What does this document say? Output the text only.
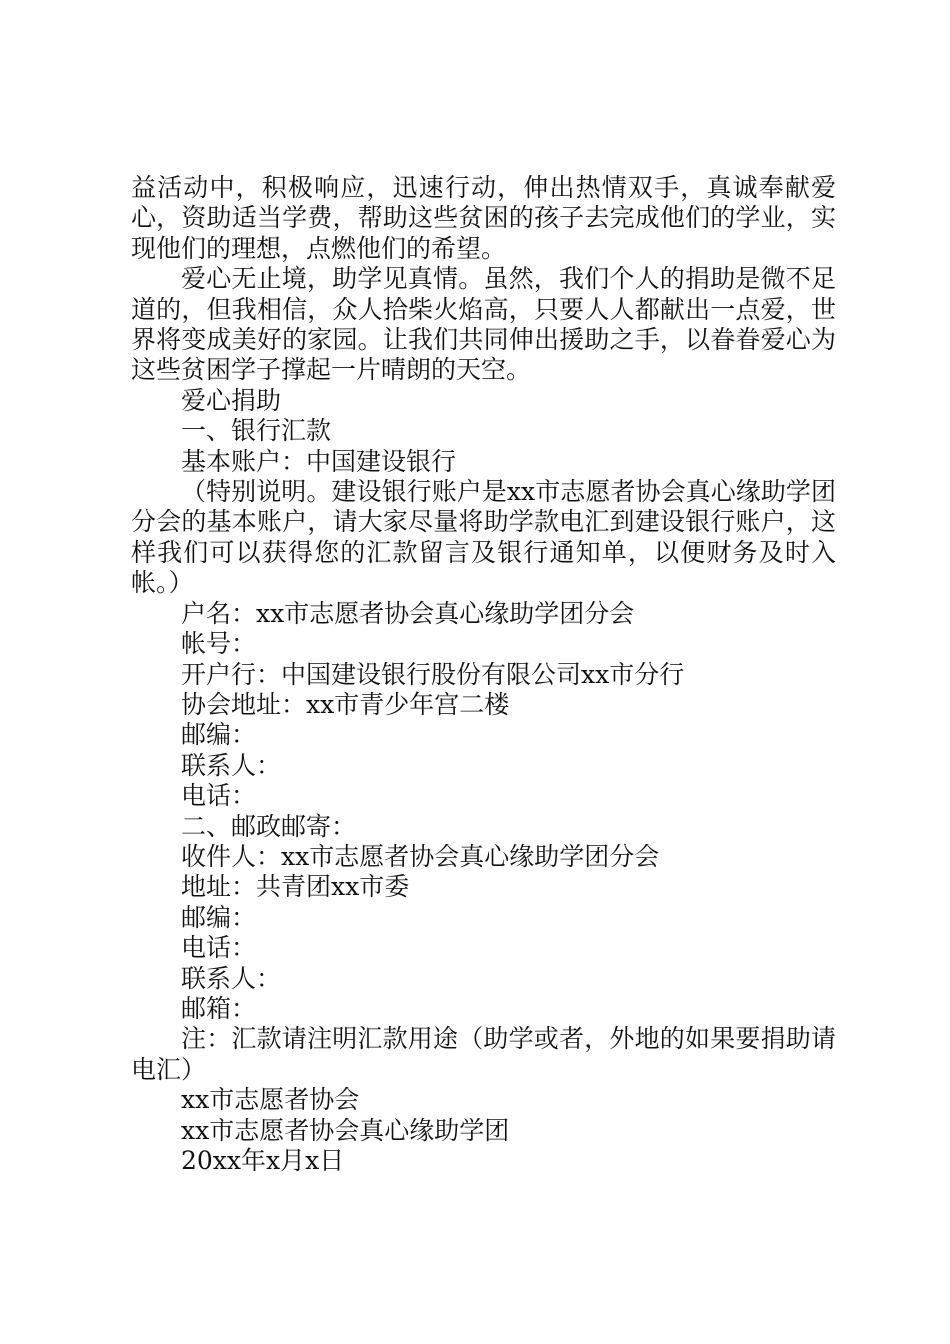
益活动中，积极响应，迅速行动，伸出热情双手，真诚奉献爱心，资助适当学费，帮助这些贫困的孩子去完成他们的学业，实现他们的理想，点燃他们的希望。

爱心无止境，助学见真情。虽然，我们个人的捐助是微不足道的，但我相信，众人拾柴火焰高，只要人人都献出一点爱，世界将变成美好的家园。让我们共同伸出援助之手，以眷眷爱心为这些贫困学子撑起一片晴朗的天空。

爱心捐助

一、银行汇款

基本账户：中国建设银行

（特别说明。建设银行账户是xx市志愿者协会真心缘助学团分会的基本账户，请大家尽量将助学款电汇到建设银行账户，这样我们可以获得您的汇款留言及银行通知单，以便财务及时入帐。）

户名：xx市志愿者协会真心缘助学团分会

帐号：

开户行：中国建设银行股份有限公司xx市分行

协会地址：xx市青少年宫二楼

邮编：

联系人：

电话：

二、邮政邮寄：

收件人：xx市志愿者协会真心缘助学团分会

地址：共青团xx市委

邮编：

电话：

联系人：

邮箱：

注：汇款请注明汇款用途（助学或者，外地的如果要捐助请电汇）

xx市志愿者协会

xx市志愿者协会真心缘助学团

20xx年x月x日
